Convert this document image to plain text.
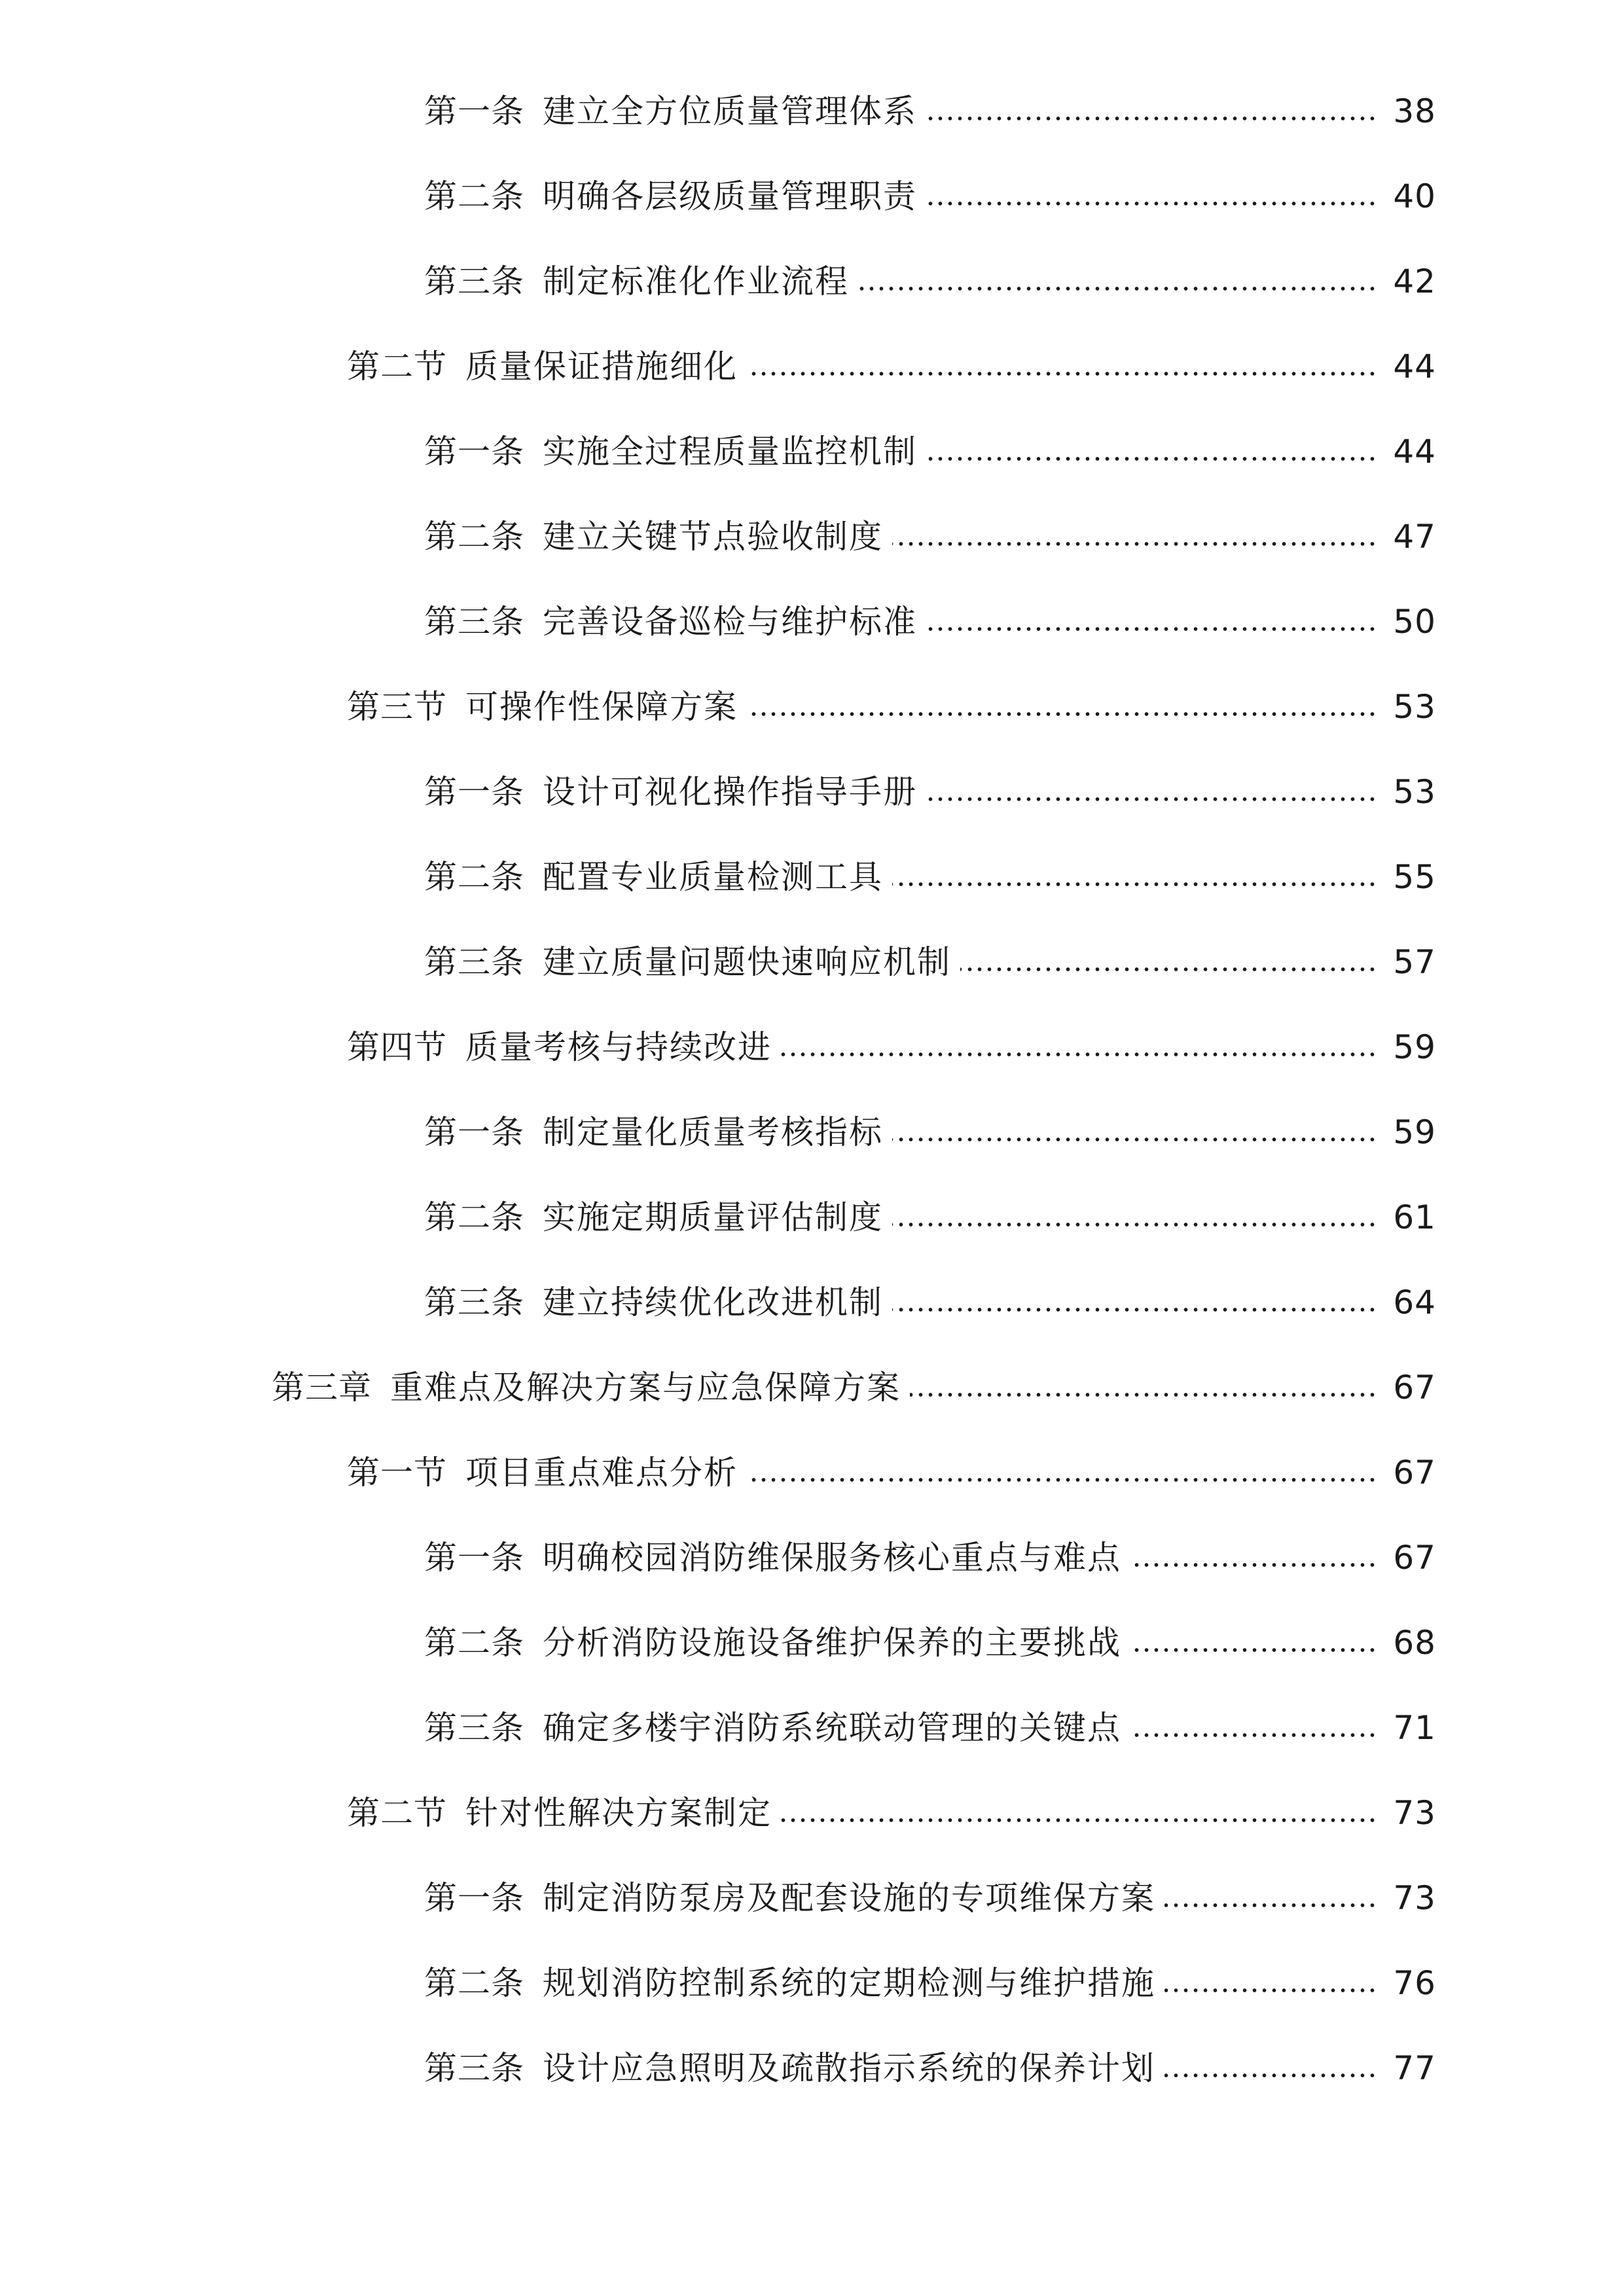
第一条 建立全方位质量管理体系	38
第二条 明确各层级质量管理职责	40
第三条 制定标准化作业流程	42
第二节 质量保证措施细化	44
第一条 实施全过程质量监控机制	44
第二条 建立关键节点验收制度	47
第三条 完善设备巡检与维护标准	50
第三节 可操作性保障方案	53
第一条 设计可视化操作指导手册	53
第二条 配置专业质量检测工具	55
第三条 建立质量问题快速响应机制	57
第四节 质量考核与持续改进	59
第一条 制定量化质量考核指标	59
第二条 实施定期质量评估制度	61
第三条 建立持续优化改进机制	64
第三章 重难点及解决方案与应急保障方案	67
第一节 项目重点难点分析	67
第一条 明确校园消防维保服务核心重点与难点	67
第二条 分析消防设施设备维护保养的主要挑战	68
第三条 确定多楼宇消防系统联动管理的关键点	71
第二节 针对性解决方案制定	73
第一条 制定消防泵房及配套设施的专项维保方案	73
第二条 规划消防控制系统的定期检测与维护措施	76
第三条 设计应急照明及疏散指示系统的保养计划	77
